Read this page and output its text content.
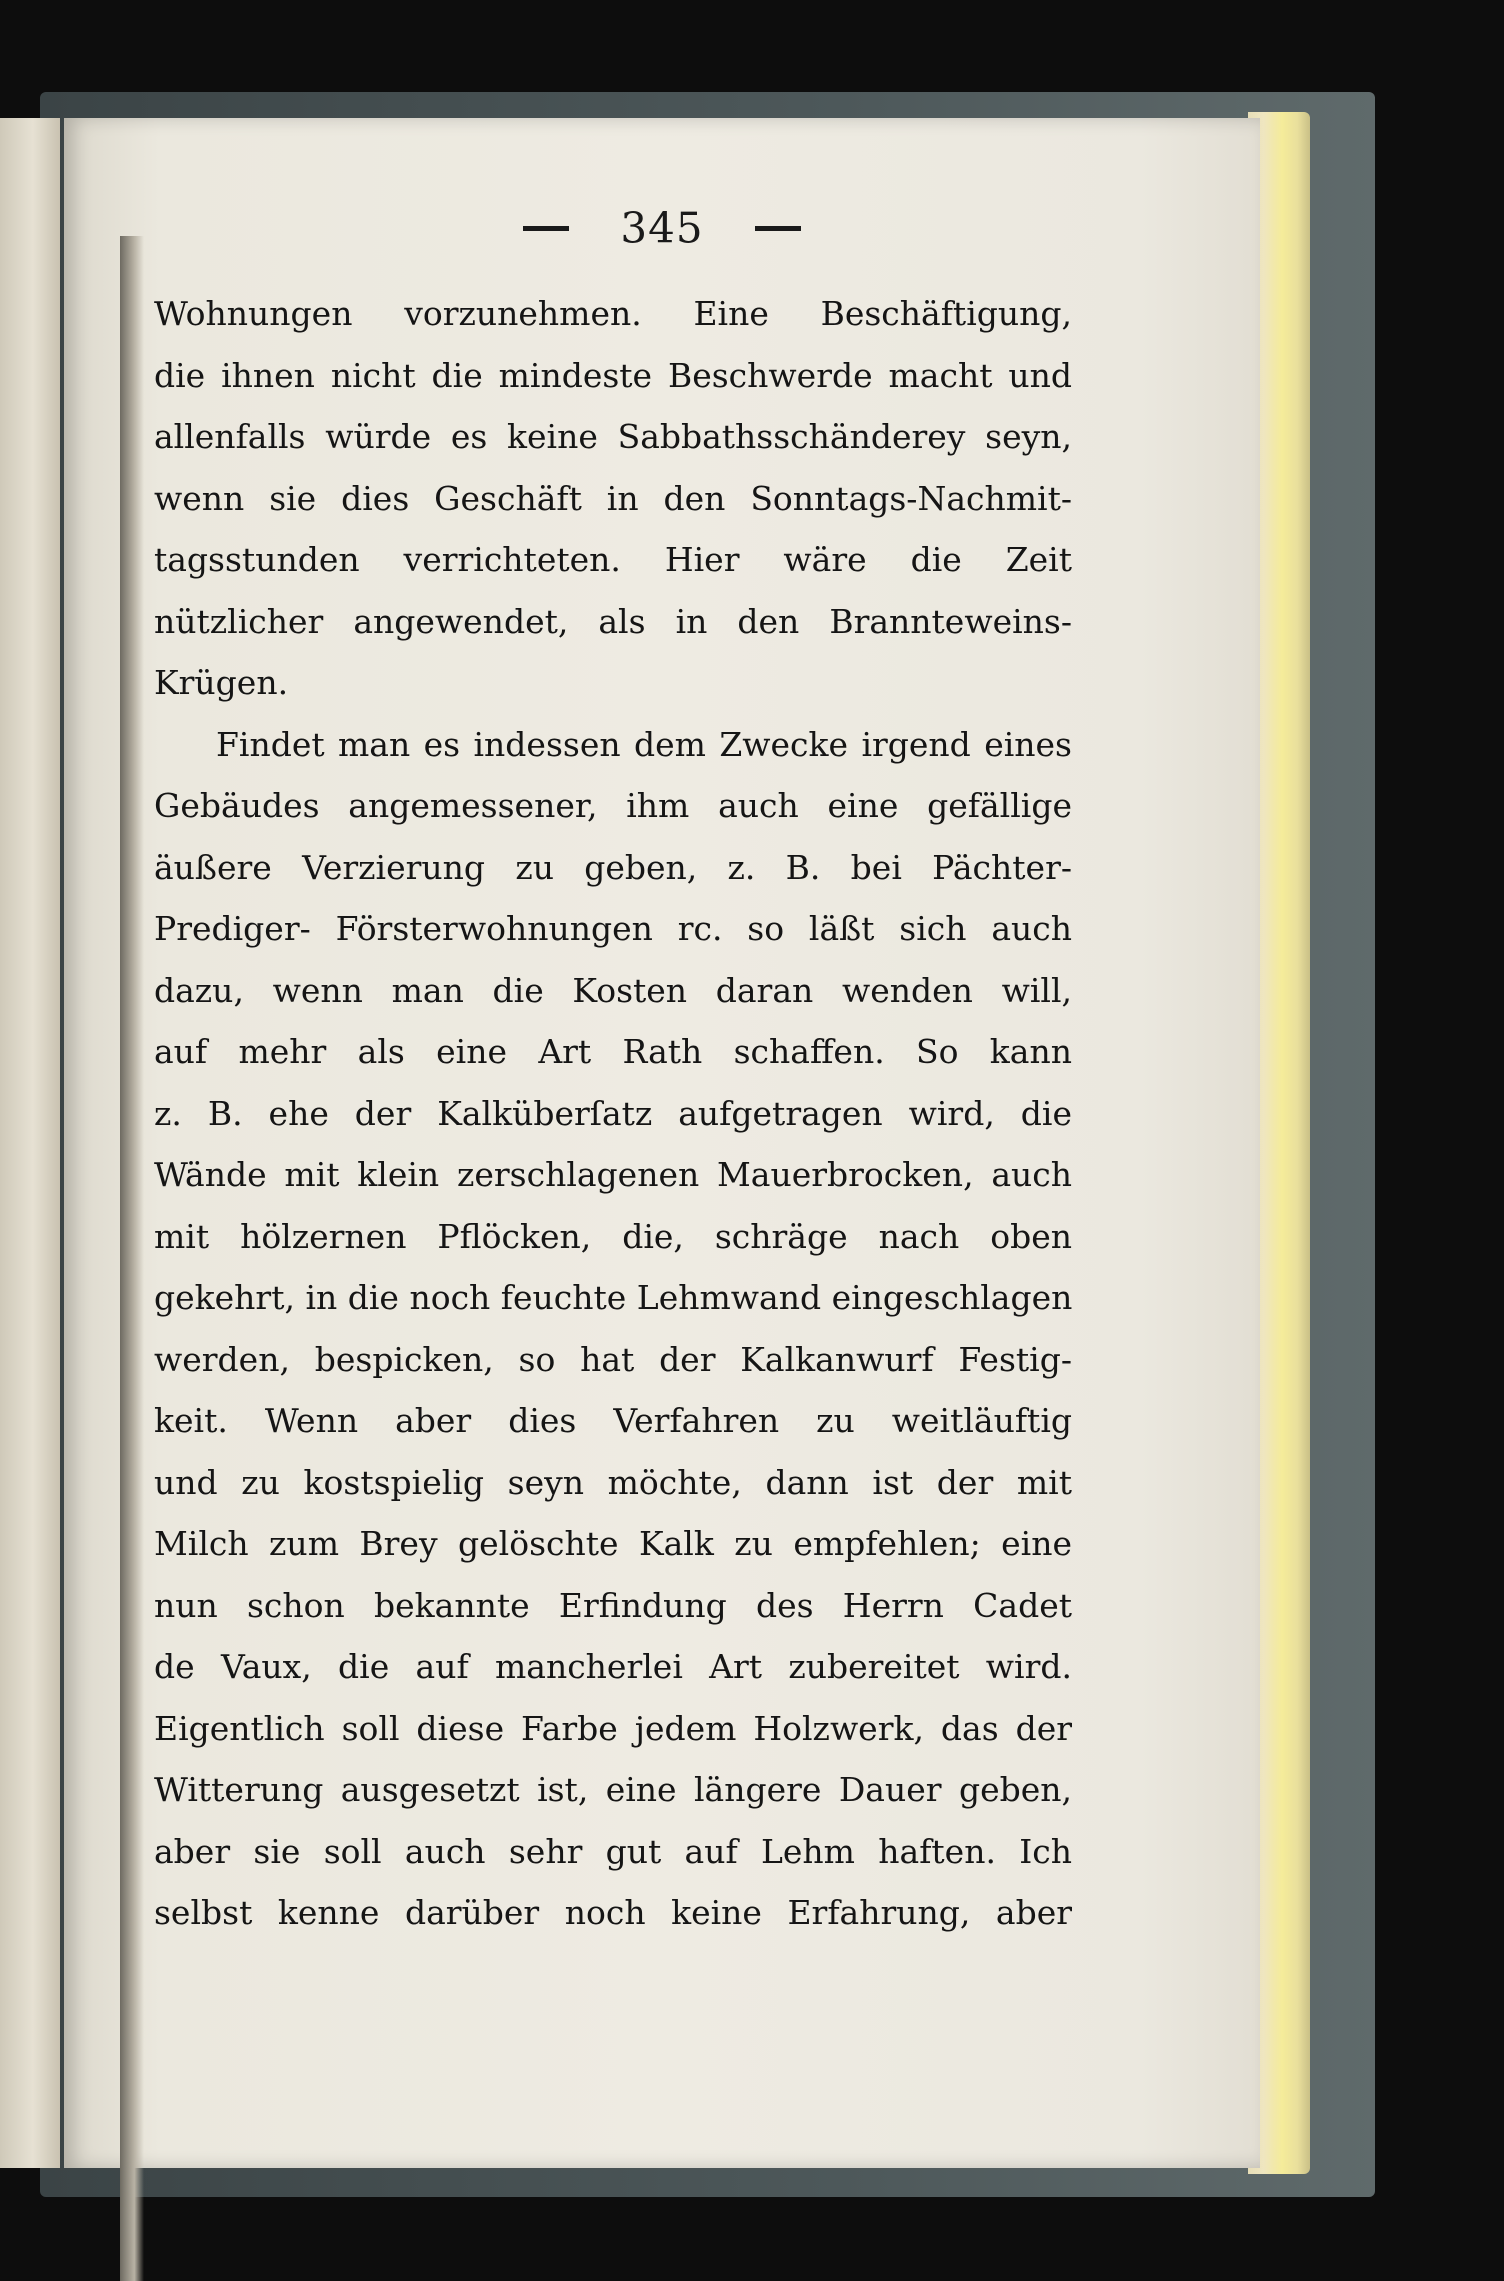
345
Wohnungen vorzunehmen. Eine Beschäftigung,
die ihnen nicht die mindeste Beschwerde macht und
allenfalls würde es keine Sabbathsschänderey seyn,
wenn sie dies Geschäft in den Sonntags-Nachmit-
tagsstunden verrichteten. Hier wäre die Zeit
nützlicher angewendet, als in den Brannteweins-
Krügen.
Findet man es indessen dem Zwecke irgend eines
Gebäudes angemessener, ihm auch eine gefällige
äußere Verzierung zu geben, z. B. bei Pächter-
Prediger- Försterwohnungen rc. so läßt sich auch
dazu, wenn man die Kosten daran wenden will,
auf mehr als eine Art Rath schaffen. So kann
z. B. ehe der Kalküberſatz aufgetragen wird, die
Wände mit klein zerschlagenen Mauerbrocken, auch
mit hölzernen Pflöcken, die, schräge nach oben
gekehrt, in die noch feuchte Lehmwand eingeschlagen
werden, bespicken, so hat der Kalkanwurf Festig-
keit. Wenn aber dies Verfahren zu weitläuftig
und zu kostspielig seyn möchte, dann ist der mit
Milch zum Brey gelöschte Kalk zu empfehlen; eine
nun schon bekannte Erfindung des Herrn Cadet
de Vaux, die auf mancherlei Art zubereitet wird.
Eigentlich soll diese Farbe jedem Holzwerk, das der
Witterung ausgesetzt ist, eine längere Dauer geben,
aber sie soll auch sehr gut auf Lehm haften. Ich
selbst kenne darüber noch keine Erfahrung, aber
